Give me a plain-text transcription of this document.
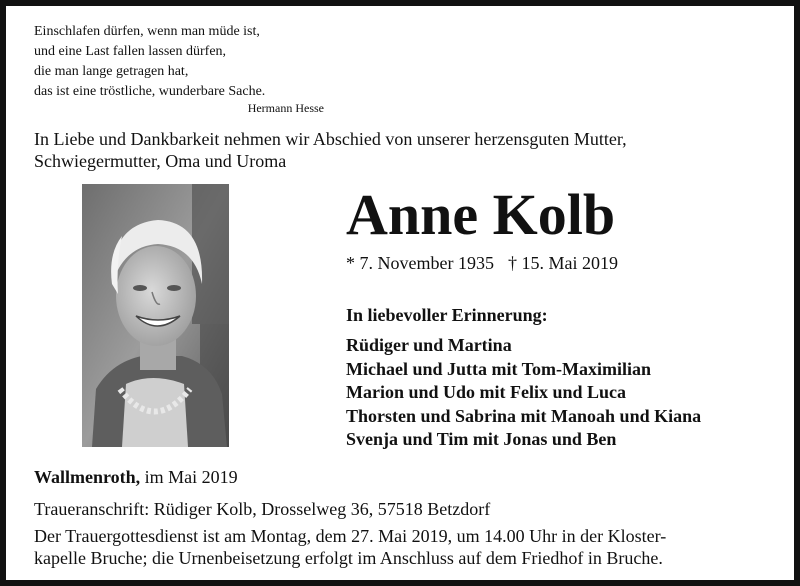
Einschlafen dürfen, wenn man müde ist,
und eine Last fallen lassen dürfen,
die man lange getragen hat,
das ist eine tröstliche, wunderbare Sache.
Hermann Hesse
In Liebe und Dankbarkeit nehmen wir Abschied von unserer herzensguten Mutter,
Schwiegermutter, Oma und Uroma
Anne Kolb
* 7. November 1935 † 15. Mai 2019
In liebevoller Erinnerung:
Rüdiger und Martina
Michael und Jutta mit Tom-Maximilian
Marion und Udo mit Felix und Luca
Thorsten und Sabrina mit Manoah und Kiana
Svenja und Tim mit Jonas und Ben
Wallmenroth, im Mai 2019
Traueranschrift: Rüdiger Kolb, Drosselweg 36, 57518 Betzdorf
Der Trauergottesdienst ist am Montag, dem 27. Mai 2019, um 14.00 Uhr in der Kloster-
kapelle Bruche; die Urnenbeisetzung erfolgt im Anschluss auf dem Friedhof in Bruche.
